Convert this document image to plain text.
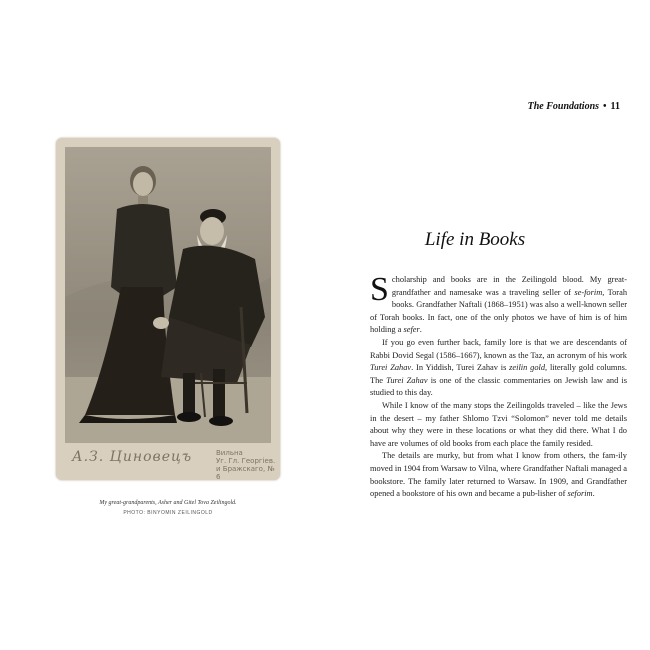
The Foundations • 11
А.З. Циновецъ	Вильна
Уг. Гл. Георгіев.
и Бражскаго, № 6
My great-grandparents, Asher and Gitel Tova Zeilingold.
PHOTO: BINYOMIN ZEILINGOLD
Life in Books

Scholarship and books are in the Zeilingold blood. My great-grandfather and namesake was a traveling seller of se-forim, Torah books. Grandfather Naftali (1868–1951) was also a well-known seller of Torah books. In fact, one of the only photos we have of him is of him holding a sefer.

If you go even further back, family lore is that we are descendants of Rabbi Dovid Segal (1586–1667), known as the Taz, an acronym of his work Turei Zahav. In Yiddish, Turei Zahav is zeilin gold, literally gold columns. The Turei Zahav is one of the classic commentaries on Jewish law and is studied to this day.

While I know of the many stops the Zeilingolds traveled – like the Jews in the desert – my father Shlomo Tzvi “Solomon” never told me details about why they were in these locations or what they did there. What I do have are volumes of old books from each place the family resided.

The details are murky, but from what I know from others, the fam-ily moved in 1904 from Warsaw to Vilna, where Grandfather Naftali managed a bookstore. The family later returned to Warsaw. In 1909, and Grandfather opened a bookstore of his own and became a pub-lisher of seforim.
